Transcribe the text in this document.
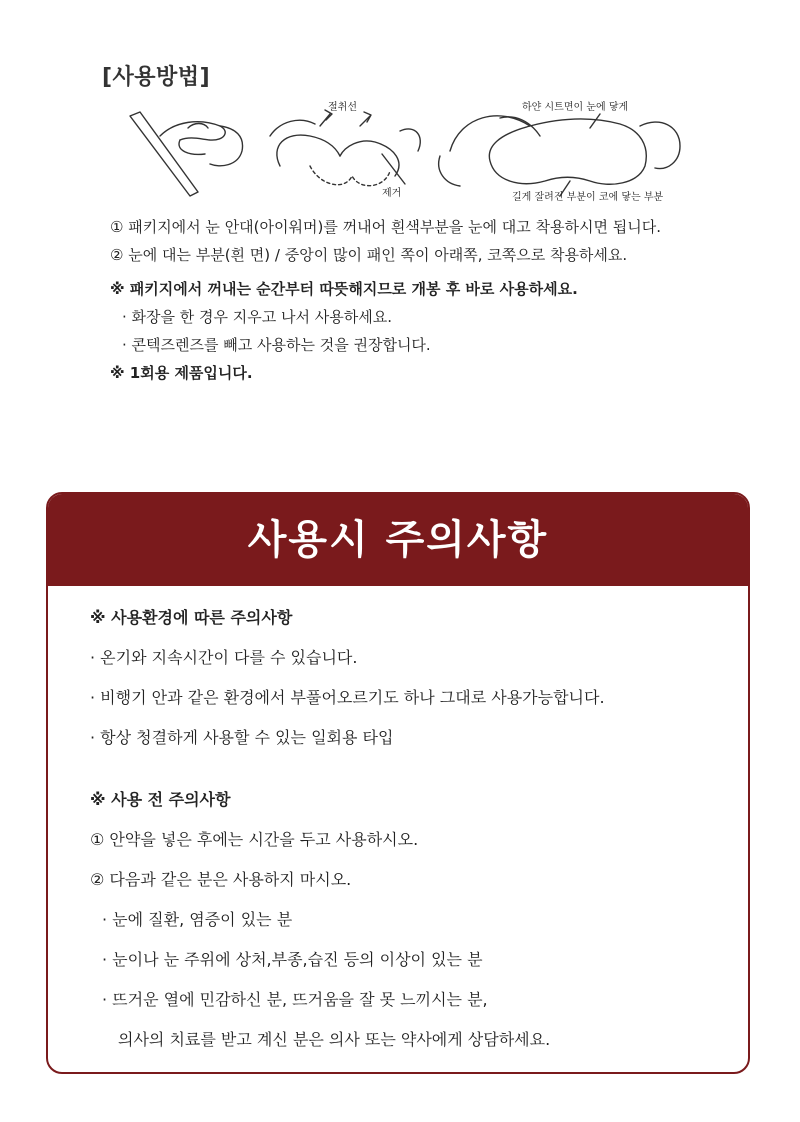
[사용방법]
절취선
제거
하얀 시트면이 눈에 닿게
길게 잘려진 부분이 코에 닿는 부분
① 패키지에서 눈 안대(아이워머)를 꺼내어 흰색부분을 눈에 대고 착용하시면 됩니다.
② 눈에 대는 부분(흰 면) / 중앙이 많이 패인 쪽이 아래쪽, 코쪽으로 착용하세요.
※ 패키지에서 꺼내는 순간부터 따뜻해지므로 개봉 후 바로 사용하세요.
· 화장을 한 경우 지우고 나서 사용하세요.
· 콘텍즈렌즈를 빼고 사용하는 것을 권장합니다.
※ 1회용 제품입니다.
사용시 주의사항
※ 사용환경에 따른 주의사항
· 온기와 지속시간이 다를 수 있습니다.
· 비행기 안과 같은 환경에서 부풀어오르기도 하나 그대로 사용가능합니다.
· 항상 청결하게 사용할 수 있는 일회용 타입
※ 사용 전 주의사항
① 안약을 넣은 후에는 시간을 두고 사용하시오.
② 다음과 같은 분은 사용하지 마시오.
· 눈에 질환, 염증이 있는 분
· 눈이나 눈 주위에 상처,부종,습진 등의 이상이 있는 분
· 뜨거운 열에 민감하신 분, 뜨거움을 잘 못 느끼시는 분,
의사의 치료를 받고 계신 분은 의사 또는 약사에게 상담하세요.
